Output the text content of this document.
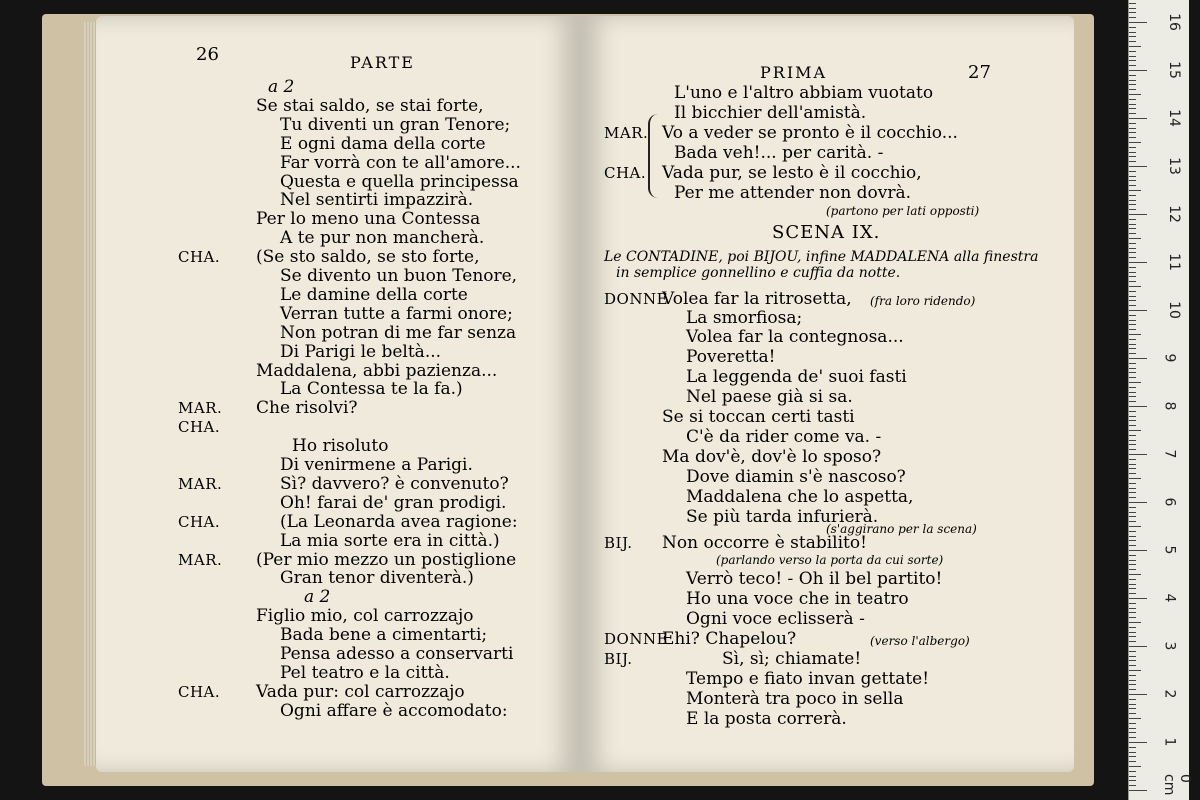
26	PARTE
PRIMA	27
a 2
Se stai saldo, se stai forte,
Tu diventi un gran Tenore;
E ogni dama della corte
Far vorrà con te all'amore...
Questa e quella principessa
Nel sentirti impazzirà.
Per lo meno una Contessa
A te pur non mancherà.
CHA. (Se sto saldo, se sto forte,
Se divento un buon Tenore,
Le damine della corte
Verran tutte a farmi onore;
Non potran di me far senza
Di Parigi le beltà...
Maddalena, abbi pazienza...
La Contessa te la fa.)
MAR. Che risolvi?
CHA.
Ho risoluto
Di venirmene a Parigi.
MAR.	Sì? davvero? è convenuto?
Oh! farai de' gran prodigi.
CHA.	(La Leonarda avea ragione:
La mia sorte era in città.)
MAR. (Per mio mezzo un postiglione
Gran tenor diventerà.)
a 2
Figlio mio, col carrozzajo
Bada bene a cimentarti;
Pensa adesso a conservarti
Pel teatro e la città.
CHA. Vada pur: col carrozzajo
Ogni affare è accomodato:
L'uno e l'altro abbiam vuotato
Il bicchier dell'amistà.
MAR. Vo a veder se pronto è il cocchio...
Bada veh!... per carità. -
CHA. Vada pur, se lesto è il cocchio,
Per me attender non dovrà.
(partono per lati opposti)
SCENA IX.
Le CONTADINE, poi BIJOU, infine MADDALENA alla finestra
in semplice gonnellino e cuffia da notte.
DONNE
Volea far la ritrosetta, (fra loro ridendo)
La smorfiosa;
Volea far la contegnosa...
Poveretta!
La leggenda de' suoi fasti
Nel paese già si sa.
Se si toccan certi tasti
C'è da rider come va. -
Ma dov'è, dov'è lo sposo?
Dove diamin s'è nascoso?
Maddalena che lo aspetta,
Se più tarda infurierà.
(s'aggirano per la scena)
BIJ. Non occorre è stabilito!
(parlando verso la porta da cui sorte)
Verrò teco! - Oh il bel partito!
Ho una voce che in teatro
Ogni voce eclisserà -
DONNE
Ehi? Chapelou?	(verso l'albergo)
BIJ.	Sì, sì; chiamate!
Tempo e fiato invan gettate!
Monterà tra poco in sella
E la posta correrà.
16
15
14
13
12
11
10
9
8
7
6
5
4
3
2
1
0 cm
